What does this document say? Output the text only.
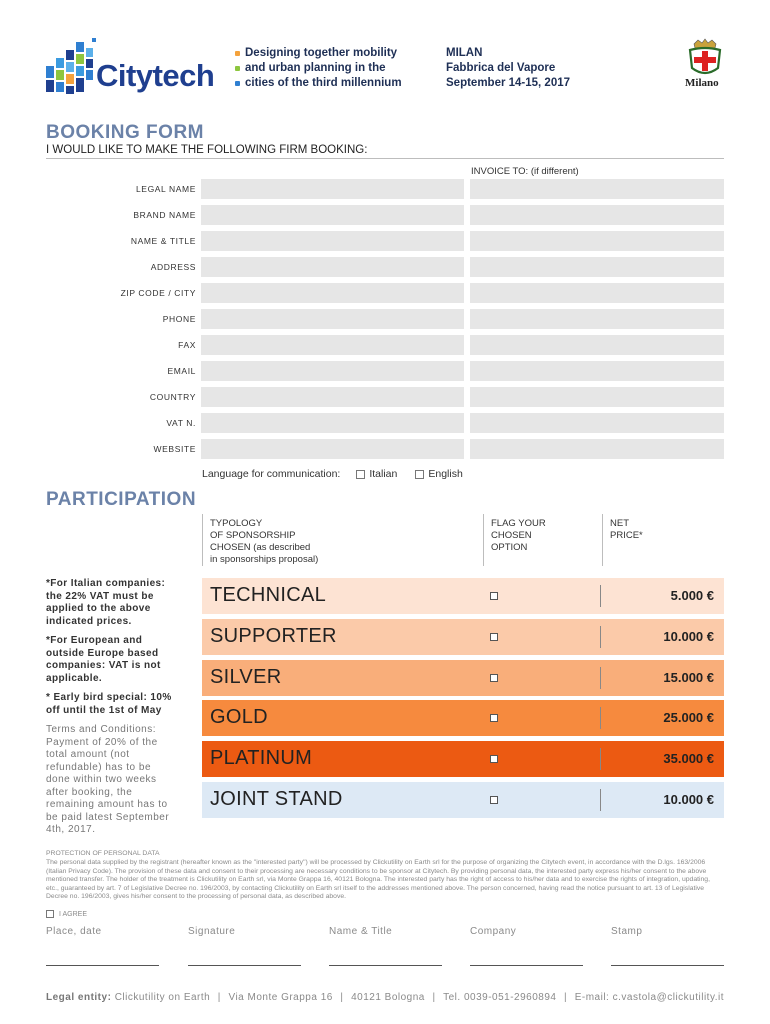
Citytech
Designing together mobility
and urban planning in the
cities of the third millennium
MILAN
Fabbrica del Vapore
September 14-15, 2017	Milano
BOOKING FORM
I WOULD LIKE TO MAKE THE FOLLOWING FIRM BOOKING:
INVOICE TO: (if different)
LEGAL NAME
BRAND NAME
NAME & TITLE
ADDRESS
ZIP CODE / CITY
PHONE
FAX
EMAIL
COUNTRY
VAT N.
WEBSITE
Language for communication:	Italian	English
PARTICIPATION
TYPOLOGY
OF SPONSORSHIP
CHOSEN (as described
in sponsorships proposal)
FLAG YOUR
CHOSEN
OPTION
NET
PRICE*

*For Italian companies: the 22% VAT must be applied to the above indicated prices.

*For European and outside Europe based companies: VAT is not applicable.

* Early bird special: 10% off until the 1st of May

Terms and Conditions: Payment of 20% of the total amount (not refundable) has to be done within two weeks after booking, the remaining amount has to be paid latest September 4th, 2017.

TECHNICAL	5.000 €
SUPPORTER	10.000 €
SILVER	15.000 €
GOLD	25.000 €
PLATINUM	35.000 €
JOINT STAND	10.000 €
PROTECTION OF PERSONAL DATA
The personal data supplied by the registrant (hereafter known as the "interested party") will be processed by Clickutility on Earth srl for the purpose of organizing the Citytech event, in accordance with the D.lgs. 163/2006 (Italian Privacy Code). The provision of these data and consent to their processing are necessary conditions to be sponsor at Citytech. By providing personal data, the interested party express his/her consent to the above mentioned transfer. The holder of the treatment is Clickutility on Earth srl, via Monte Grappa 16, 40121 Bologna. The interested party has the right of access to his/her data and to exercise the rights of integration, updating, etc., guaranteed by art. 7 of Legislative Decree no. 196/2003, by contacting Clickutility on Earth srl itself to the addresses mentioned above. The person concerned, having read the notice pursuant to art. 13 of Legislative Decree no. 196/2003, gives his/her consent to the processing of personal data, as described above.
I AGREE
Place, date	Signature	Name & Title	Company	Stamp
Legal entity: Clickutility on Earth | Via Monte Grappa 16 | 40121 Bologna | Tel. 0039-051-2960894 | E-mail: c.vastola@clickutility.it
